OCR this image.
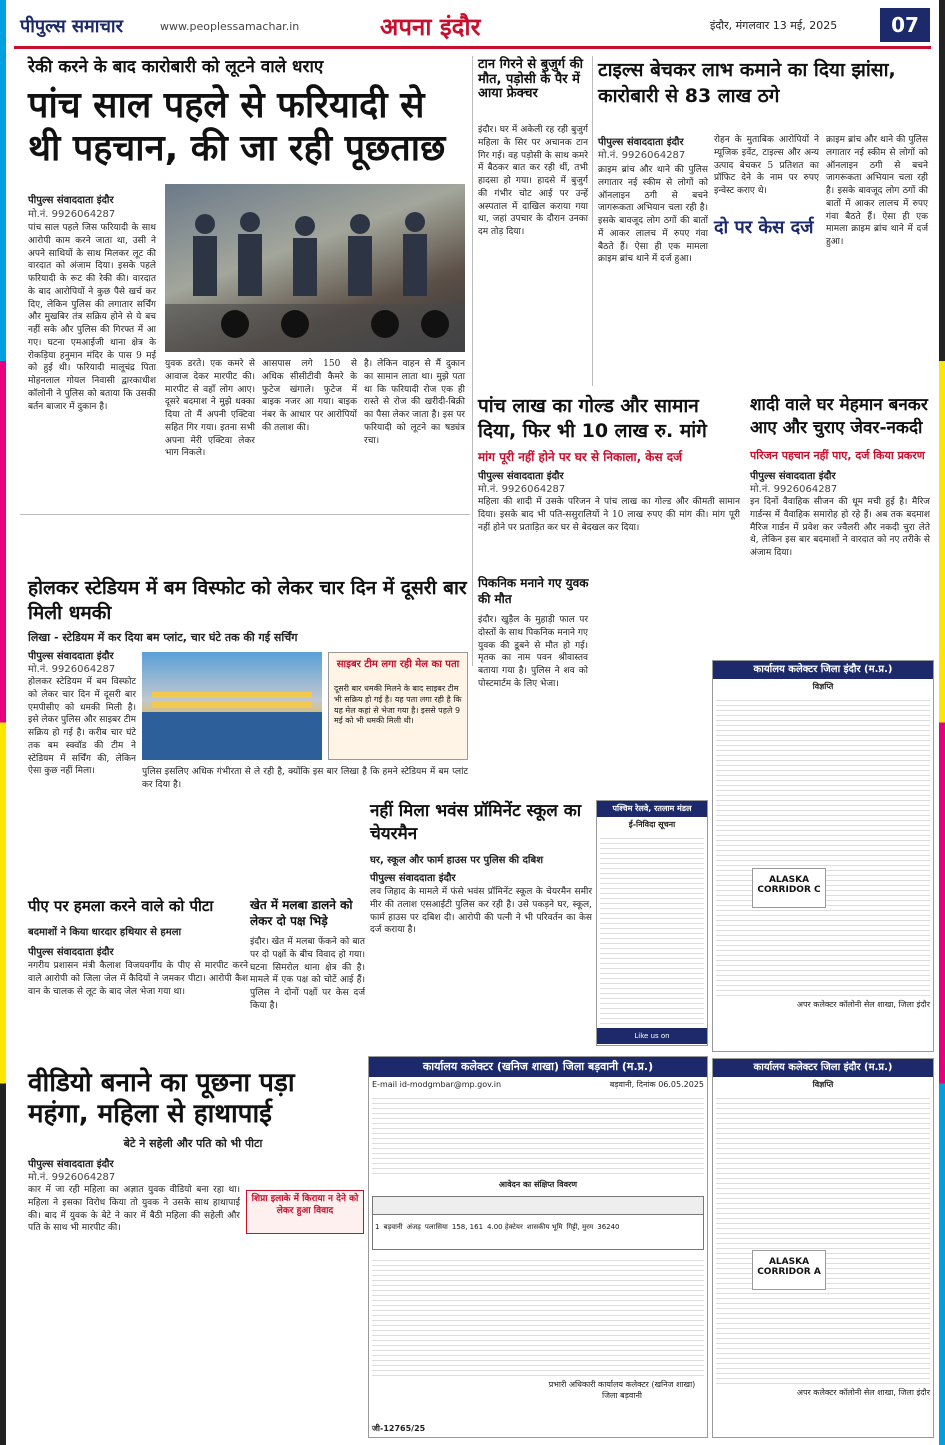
पीपुल्स समाचार	www.peoplessamachar.in	अपना इंदौर	इंदौर, मंगलवार 13 मई, 2025	07
रेकी करने के बाद कारोबारी को लूटने वाले धराए
पांच साल पहले से फरियादी से थी पहचान, की जा रही पूछताछ
पीपुल्स संवाददाता इंदौर
मो.नं. 9926064287
पांच साल पहले जिस फरियादी के साथ आरोपी काम करने जाता था, उसी ने अपने साथियों के साथ मिलकर लूट की वारदात को अंजाम दिया। इसके पहले फरियादी के रूट की रेकी की। वारदात के बाद आरोपियों ने कुछ पैसे खर्च कर दिए, लेकिन पुलिस की लगातार सर्चिंग और मुखबिर तंत्र सक्रिय होने से ये बच नहीं सके और पुलिस की गिरफ्त में आ गए। घटना एमआईजी थाना क्षेत्र के रोकड़िया हनुमान मंदिर के पास 9 मई को हुई थी। फरियादी मालूचंद्र पिता मोहनलाल गोयल निवासी द्वारकाधीश कॉलोनी ने पुलिस को बताया कि उसकी बर्तन बाजार में दुकान है।
युवक डरते। एक कमरे से आवाज देकर मारपीट की। मारपीट से वहाँ लोग आए। दूसरे बदमाश ने मुझे धक्का दिया तो मैं अपनी एक्टिवा सहित गिर गया। इतना सभी अपना मेरी एक्टिवा लेकर भाग निकले।
आसपास लगे 150 से अधिक सीसीटीवी कैमरे के फुटेज खंगाले। फुटेज में बाइक नजर आ गया। बाइक नंबर के आधार पर आरोपियों की तलाश की।
है। लेकिन वाहन से मैं दुकान का सामान लाता था। मुझे पता था कि फरियादी रोज एक ही रास्ते से रोज की खरीदी-बिक्री का पैसा लेकर जाता है। इस पर फरियादी को लूटने का षड्यंत्र रचा।
टान गिरने से बुजुर्ग की मौत, पड़ोसी के पैर में आया फ्रेक्चर
इंदौर। घर में अकेली रह रही बुजुर्ग महिला के सिर पर अचानक टान गिर गई। वह पड़ोसी के साथ कमरे में बैठकर बात कर रही थीं, तभी हादसा हो गया। हादसे में बुजुर्ग की गंभीर चोट आई पर उन्हें अस्पताल में दाखिल कराया गया था, जहां उपचार के दौरान उनका दम तोड़ दिया।
टाइल्स बेचकर लाभ कमाने का दिया झांसा, कारोबारी से 83 लाख ठगे
पीपुल्स संवाददाता इंदौर
मो.नं. 9926064287
क्राइम ब्रांच और थाने की पुलिस लगातार नई स्कीम से लोगों को ऑनलाइन ठगी से बचने जागरूकता अभियान चला रही है। इसके बावजूद लोग ठगों की बातों में आकर लालच में रुपए गंवा बैठते हैं। ऐसा ही एक मामला क्राइम ब्रांच थाने में दर्ज हुआ।
रोहन के मुताबिक आरोपियों ने म्यूजिक इवेंट, टाइल्स और अन्य उत्पाद बेचकर 5 प्रतिशत का प्रॉफिट देने के नाम पर रुपए इन्वेस्ट कराए थे।
दो पर केस दर्ज
क्राइम ब्रांच और थाने की पुलिस लगातार नई स्कीम से लोगों को ऑनलाइन ठगी से बचने जागरूकता अभियान चला रही है। इसके बावजूद लोग ठगों की बातों में आकर लालच में रुपए गंवा बैठते हैं। ऐसा ही एक मामला क्राइम ब्रांच थाने में दर्ज हुआ।
पांच लाख का गोल्ड और सामान दिया, फिर भी 10 लाख रु. मांगे
मांग पूरी नहीं होने पर घर से निकाला, केस दर्ज
पीपुल्स संवाददाता इंदौर
मो.नं. 9926064287
महिला की शादी में उसके परिजन ने पांच लाख का गोल्ड और कीमती सामान दिया। इसके बाद भी पति-ससुरालियों ने 10 लाख रुपए की मांग की। मांग पूरी नहीं होने पर प्रताड़ित कर घर से बेदखल कर दिया।
शादी वाले घर मेहमान बनकर आए और चुराए जेवर-नकदी
परिजन पहचान नहीं पाए, दर्ज किया प्रकरण
पीपुल्स संवाददाता इंदौर
मो.नं. 9926064287
इन दिनों वैवाहिक सीजन की धूम मची हुई है। मैरिज गार्डन्स में वैवाहिक समारोह हो रहे हैं। अब तक बदमाश मैरिज गार्डन में प्रवेश कर ज्वैलरी और नकदी चुरा लेते थे, लेकिन इस बार बदमाशों ने वारदात को नए तरीके से अंजाम दिया।
होलकर स्टेडियम में बम विस्फोट को लेकर चार दिन में दूसरी बार मिली धमकी
लिखा - स्टेडियम में कर दिया बम प्लांट, चार घंटे तक की गई सर्चिंग
पीपुल्स संवाददाता इंदौर
मो.नं. 9926064287
होलकर स्टेडियम में बम विस्फोट को लेकर चार दिन में दूसरी बार एमपीसीए को धमकी मिली है। इसे लेकर पुलिस और साइबर टीम सक्रिय हो गई है। करीब चार घंटे तक बम स्क्वॉड की टीम ने स्टेडियम में सर्चिंग की, लेकिन ऐसा कुछ नहीं मिला।
साइबर टीम लगा रही मेल का पता
दूसरी बार धमकी मिलने के बाद साइबर टीम भी सक्रिय हो गई है। यह पता लगा रही है कि यह मेल कहां से भेजा गया है। इससे पहले 9 मई को भी धमकी मिली थी।
पुलिस इसलिए अधिक गंभीरता से ले रही है, क्योंकि इस बार लिखा है कि हमने स्टेडियम में बम प्लांट कर दिया है।
पिकनिक मनाने गए युवक की मौत
इंदौर। खुड़ैल के मुहाड़ी फाल पर दोस्तों के साथ पिकनिक मनाने गए युवक की डूबने से मौत हो गई। मृतक का नाम पवन श्रीवास्तव बताया गया है। पुलिस ने शव को पोस्टमार्टम के लिए भेजा।
पश्चिम रेलवे, रतलाम मंडल
ई-निविदा सूचना
Like us on facebook.com/WesternRly
नहीं मिला भवंस प्रॉमिनेंट स्कूल का चेयरमैन
घर, स्कूल और फार्म हाउस पर पुलिस की दबिश
पीपुल्स संवाददाता इंदौर
लव जिहाद के मामले में फंसे भवंस प्रॉमिनेंट स्कूल के चेयरमैन समीर मीर की तलाश एसआईटी पुलिस कर रही है। उसे पकड़ने घर, स्कूल, फार्म हाउस पर दबिश दी। आरोपी की पत्नी ने भी परिवर्तन का केस दर्ज कराया है।
पीए पर हमला करने वाले को पीटा
बदमाशों ने किया धारदार हथियार से हमला
पीपुल्स संवाददाता इंदौर
नगरीय प्रशासन मंत्री कैलाश विजयवर्गीय के पीए से मारपीट करने वाले आरोपी को जिला जेल में कैदियों ने जमकर पीटा। आरोपी कैश वान के चालक से लूट के बाद जेल भेजा गया था।
खेत में मलबा डालने को लेकर दो पक्ष भिड़े
इंदौर। खेत में मलबा फेंकने को बात पर दो पक्षों के बीच विवाद हो गया। घटना सिमरोल थाना क्षेत्र की है। मामले में एक पक्ष को चोटें आई हैं। पुलिस ने दोनों पक्षों पर केस दर्ज किया है।
वीडियो बनाने का पूछना पड़ा महंगा, महिला से हाथापाई
बेटे ने सहेली और पति को भी पीटा
पीपुल्स संवाददाता इंदौर
मो.नं. 9926064287
कार में जा रही महिला का अज्ञात युवक वीडियो बना रहा था। महिला ने इसका विरोध किया तो युवक ने उसके साथ हाथापाई की। बाद में युवक के बेटे ने कार में बैठी महिला की सहेली और पति के साथ भी मारपीट की।
शिप्रा इलाके में किराया न देने को लेकर हुआ विवाद
कार्यालय कलेक्टर जिला इंदौर (म.प्र.)
विज्ञप्ति
ALASKA CORRIDOR C
अपर कलेक्टर कॉलोनी सेल शाखा, जिला इंदौर
कार्यालय कलेक्टर जिला इंदौर (म.प्र.)
विज्ञप्ति
ALASKA CORRIDOR A
अपर कलेक्टर कॉलोनी सेल शाखा, जिला इंदौर
कार्यालय कलेक्टर (खनिज शाखा) जिला बड़वानी (म.प्र.)
E-mail id-modgmbar@mp.gov.in	बड़वानी, दिनांक 06.05.2025
आवेदन का संक्षिप्त विवरण
1 बड़वानी अंजड़ पलासिया 158, 161 4.00 हेक्टेयर शासकीय भूमि गिट्टी, मुरम 36240
प्रभारी अधिकारी कार्यालय कलेक्टर (खनिज शाखा) जिला बड़वानी
जी-12765/25
